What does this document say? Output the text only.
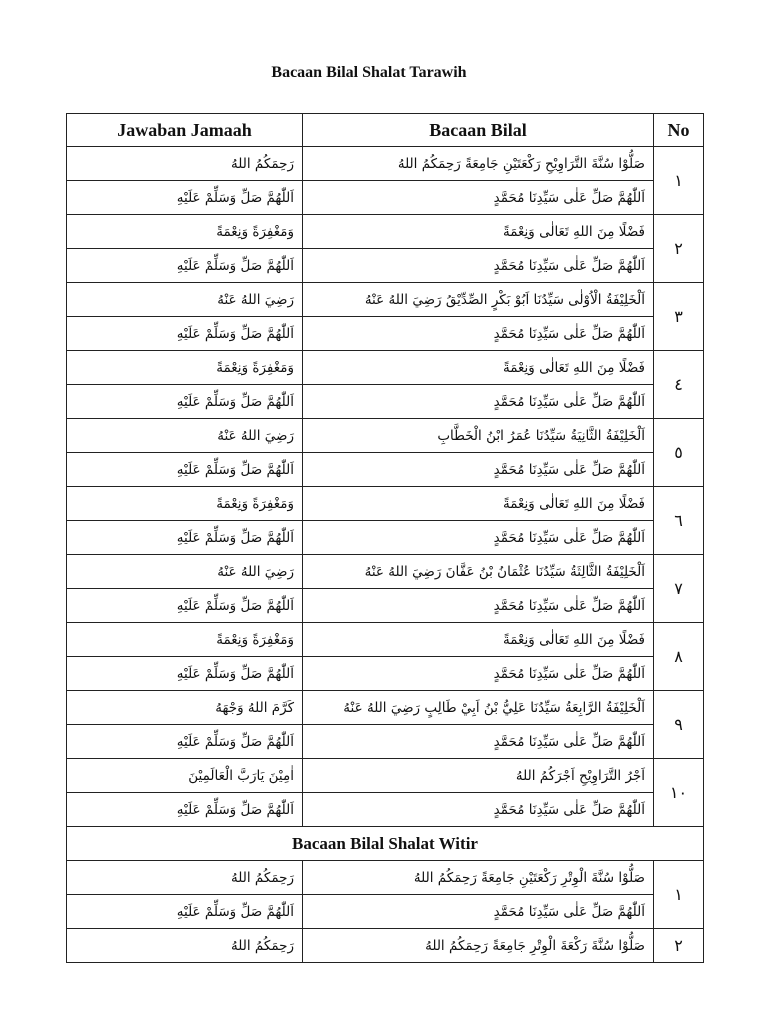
Bacaan Bilal Shalat Tarawih
Jawaban Jamaah	Bacaan Bilal	No
رَحِمَكُمُ اللهُ	صَلُّوْا سُنَّةَ التَّرَاوِيْحِ رَكْعَتَيْنِ جَامِعَةً رَحِمَكُمُ اللهُ	١
اَللّٰهُمَّ صَلِّ وَسَلِّمْ عَلَيْهِ	اَللّٰهُمَّ صَلِّ عَلٰى سَيِّدِنَا مُحَمَّدٍ	
وَمَغْفِرَةً وَنِعْمَةً	فَضْلًا مِنَ اللهِ تَعَالٰى وَنِعْمَةً	٢
اَللّٰهُمَّ صَلِّ وَسَلِّمْ عَلَيْهِ	اَللّٰهُمَّ صَلِّ عَلٰى سَيِّدِنَا مُحَمَّدٍ	
رَضِيَ اللهُ عَنْهُ	اَلْخَلِيْفَةُ الْاُوْلٰى سَيِّدُنَا اَبُوْ بَكْرٍ الصِّدِّيْقُ رَضِيَ اللهُ عَنْهُ	٣
اَللّٰهُمَّ صَلِّ وَسَلِّمْ عَلَيْهِ	اَللّٰهُمَّ صَلِّ عَلٰى سَيِّدِنَا مُحَمَّدٍ	
وَمَغْفِرَةً وَنِعْمَةً	فَضْلًا مِنَ اللهِ تَعَالٰى وَنِعْمَةً	٤
اَللّٰهُمَّ صَلِّ وَسَلِّمْ عَلَيْهِ	اَللّٰهُمَّ صَلِّ عَلٰى سَيِّدِنَا مُحَمَّدٍ	
رَضِيَ اللهُ عَنْهُ	اَلْخَلِيْفَةُ الثَّانِيَةُ سَيِّدُنَا عُمَرُ ابْنُ الْخَطَّابِ	٥
اَللّٰهُمَّ صَلِّ وَسَلِّمْ عَلَيْهِ	اَللّٰهُمَّ صَلِّ عَلٰى سَيِّدِنَا مُحَمَّدٍ	
وَمَغْفِرَةً وَنِعْمَةً	فَضْلًا مِنَ اللهِ تَعَالٰى وَنِعْمَةً	٦
اَللّٰهُمَّ صَلِّ وَسَلِّمْ عَلَيْهِ	اَللّٰهُمَّ صَلِّ عَلٰى سَيِّدِنَا مُحَمَّدٍ	
رَضِيَ اللهُ عَنْهُ	اَلْخَلِيْفَةُ الثَّالِثَةُ سَيِّدُنَا عُثْمَانُ بْنُ عَفَّانَ رَضِيَ اللهُ عَنْهُ	٧
اَللّٰهُمَّ صَلِّ وَسَلِّمْ عَلَيْهِ	اَللّٰهُمَّ صَلِّ عَلٰى سَيِّدِنَا مُحَمَّدٍ	
وَمَغْفِرَةً وَنِعْمَةً	فَضْلًا مِنَ اللهِ تَعَالٰى وَنِعْمَةً	٨
اَللّٰهُمَّ صَلِّ وَسَلِّمْ عَلَيْهِ	اَللّٰهُمَّ صَلِّ عَلٰى سَيِّدِنَا مُحَمَّدٍ	
كَرَّمَ اللهُ وَجْهَهُ	اَلْخَلِيْفَةُ الرَّابِعَةُ سَيِّدُنَا عَلِيُّ بْنُ اَبِيْ طَالِبٍ رَضِيَ اللهُ عَنْهُ	٩
اَللّٰهُمَّ صَلِّ وَسَلِّمْ عَلَيْهِ	اَللّٰهُمَّ صَلِّ عَلٰى سَيِّدِنَا مُحَمَّدٍ	
اٰمِيْنَ يَارَبَّ الْعَالَمِيْنَ	اَجْرُ التَّرَاوِيْحِ اَجْرَكُمُ اللهُ	١٠
اَللّٰهُمَّ صَلِّ وَسَلِّمْ عَلَيْهِ	اَللّٰهُمَّ صَلِّ عَلٰى سَيِّدِنَا مُحَمَّدٍ	
Bacaan Bilal Shalat Witir		
رَحِمَكُمُ اللهُ	صَلُّوْا سُنَّةَ الْوِتْرِ رَكْعَتَيْنِ جَامِعَةً رَحِمَكُمُ اللهُ	١
اَللّٰهُمَّ صَلِّ وَسَلِّمْ عَلَيْهِ	اَللّٰهُمَّ صَلِّ عَلٰى سَيِّدِنَا مُحَمَّدٍ	
رَحِمَكُمُ اللهُ	صَلُّوْا سُنَّةَ رَكْعَةَ الْوِتْرِ جَامِعَةً رَحِمَكُمُ اللهُ	٢
